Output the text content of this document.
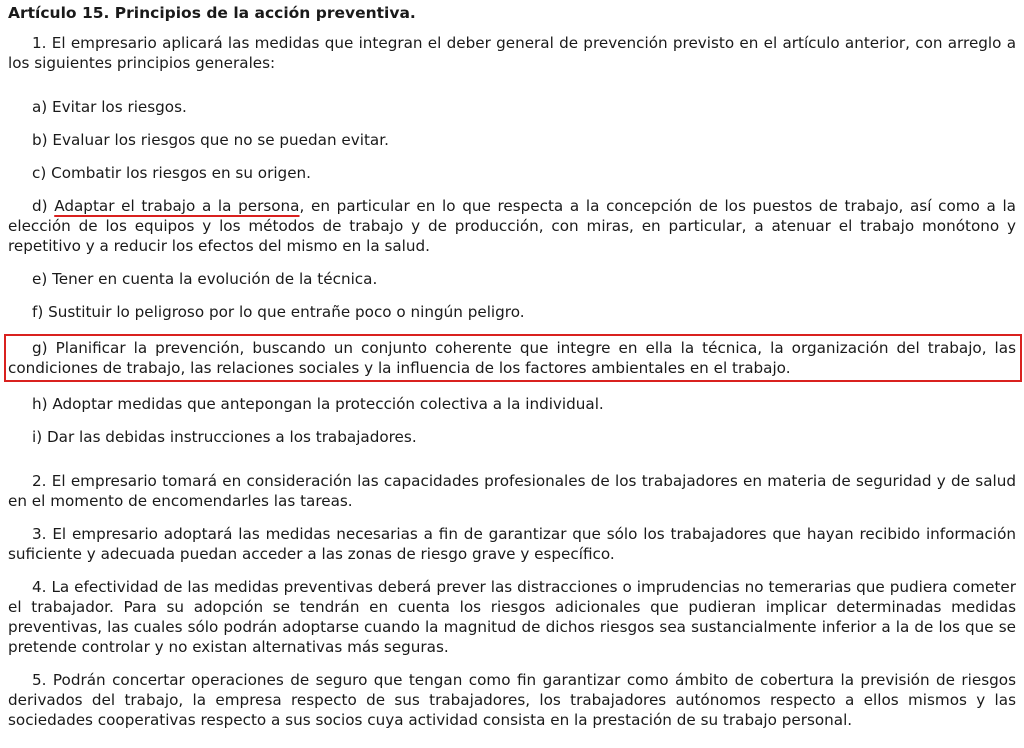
Artículo 15. Principios de la acción preventiva.

1. El empresario aplicará las medidas que integran el deber general de prevención previsto en el artículo anterior, con arreglo a los siguientes principios generales:

a) Evitar los riesgos.

b) Evaluar los riesgos que no se puedan evitar.

c) Combatir los riesgos en su origen.

d) Adaptar el trabajo a la persona, en particular en lo que respecta a la concepción de los puestos de trabajo, así como a la elección de los equipos y los métodos de trabajo y de producción, con miras, en particular, a atenuar el trabajo monótono y repetitivo y a reducir los efectos del mismo en la salud.

e) Tener en cuenta la evolución de la técnica.

f) Sustituir lo peligroso por lo que entrañe poco o ningún peligro.

g) Planificar la prevención, buscando un conjunto coherente que integre en ella la técnica, la organización del trabajo, las condiciones de trabajo, las relaciones sociales y la influencia de los factores ambientales en el trabajo.

h) Adoptar medidas que antepongan la protección colectiva a la individual.

i) Dar las debidas instrucciones a los trabajadores.

2. El empresario tomará en consideración las capacidades profesionales de los trabajadores en materia de seguridad y de salud en el momento de encomendarles las tareas.

3. El empresario adoptará las medidas necesarias a fin de garantizar que sólo los trabajadores que hayan recibido información suficiente y adecuada puedan acceder a las zonas de riesgo grave y específico.

4. La efectividad de las medidas preventivas deberá prever las distracciones o imprudencias no temerarias que pudiera cometer el trabajador. Para su adopción se tendrán en cuenta los riesgos adicionales que pudieran implicar determinadas medidas preventivas, las cuales sólo podrán adoptarse cuando la magnitud de dichos riesgos sea sustancialmente inferior a la de los que se pretende controlar y no existan alternativas más seguras.

5. Podrán concertar operaciones de seguro que tengan como fin garantizar como ámbito de cobertura la previsión de riesgos derivados del trabajo, la empresa respecto de sus trabajadores, los trabajadores autónomos respecto a ellos mismos y las sociedades cooperativas respecto a sus socios cuya actividad consista en la prestación de su trabajo personal.
